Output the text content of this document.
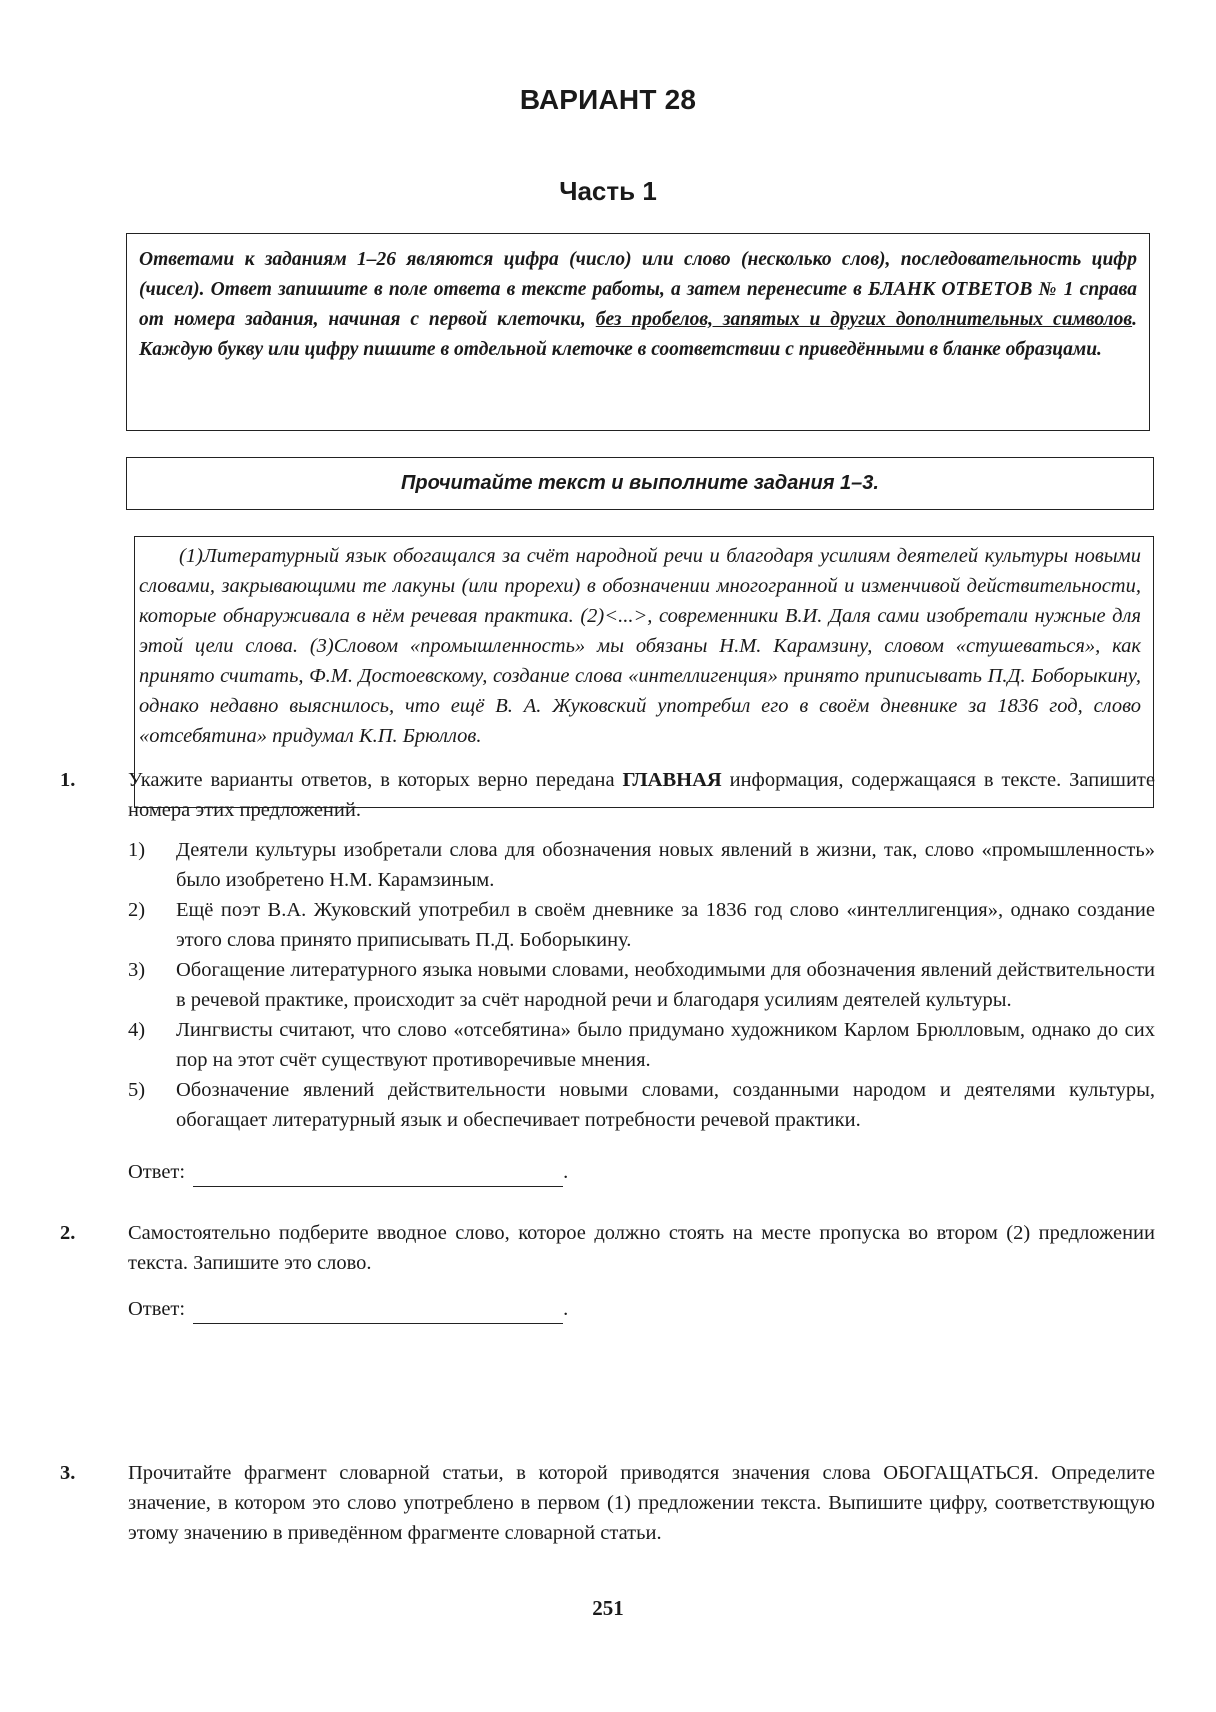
ВАРИАНТ 28
Часть 1
Ответами к заданиям 1–26 являются цифра (число) или слово (несколько слов), последовательность цифр (чисел). Ответ запишите в поле ответа в тексте работы, а затем перенесите в БЛАНК ОТВЕТОВ № 1 справа от номера задания, начиная с первой клеточки, без пробелов, запятых и других дополнительных символов. Каждую букву или цифру пишите в отдельной клеточке в соответствии с приведёнными в бланке образцами.
Прочитайте текст и выполните задания 1–3.
(1)Литературный язык обогащался за счёт народной речи и благодаря усилиям деятелей культуры новыми словами, закрывающими те лакуны (или прорехи) в обозначении многогранной и изменчивой действительности, которые обнаруживала в нём речевая практика. (2)<...>, современники В.И. Даля сами изобретали нужные для этой цели слова. (3)Словом «промышленность» мы обязаны Н.М. Карамзину, словом «стушеваться», как принято считать, Ф.М. Достоевскому, создание слова «интеллигенция» принято приписывать П.Д. Боборыкину, однако недавно выяснилось, что ещё В. А. Жуковский употребил его в своём дневнике за 1836 год, слово «отсебятина» придумал К.П. Брюллов.
1.	Укажите варианты ответов, в которых верно передана ГЛАВНАЯ информация, содержащаяся в тексте. Запишите номера этих предложений.
1)	Деятели культуры изобретали слова для обозначения новых явлений в жизни, так, слово «промышленность» было изобретено Н.М. Карамзиным.
2)	Ещё поэт В.А. Жуковский употребил в своём дневнике за 1836 год слово «интеллигенция», однако создание этого слова принято приписывать П.Д. Боборыкину.
3)	Обогащение литературного языка новыми словами, необходимыми для обозначения явлений действительности в речевой практике, происходит за счёт народной речи и благодаря усилиям деятелей культуры.
4)	Лингвисты считают, что слово «отсебятина» было придумано художником Карлом Брюлловым, однако до сих пор на этот счёт существуют противоречивые мнения.
5)	Обозначение явлений действительности новыми словами, созданными народом и деятелями культуры, обогащает литературный язык и обеспечивает потребности речевой практики.
Ответ:	.
2.	Самостоятельно подберите вводное слово, которое должно стоять на месте пропуска во втором (2) предложении текста. Запишите это слово.
Ответ:	.
3.	Прочитайте фрагмент словарной статьи, в которой приводятся значения слова ОБОГАЩАТЬСЯ. Определите значение, в котором это слово употреблено в первом (1) предложении текста. Выпишите цифру, соответствующую этому значению в приведённом фрагменте словарной статьи.
251
